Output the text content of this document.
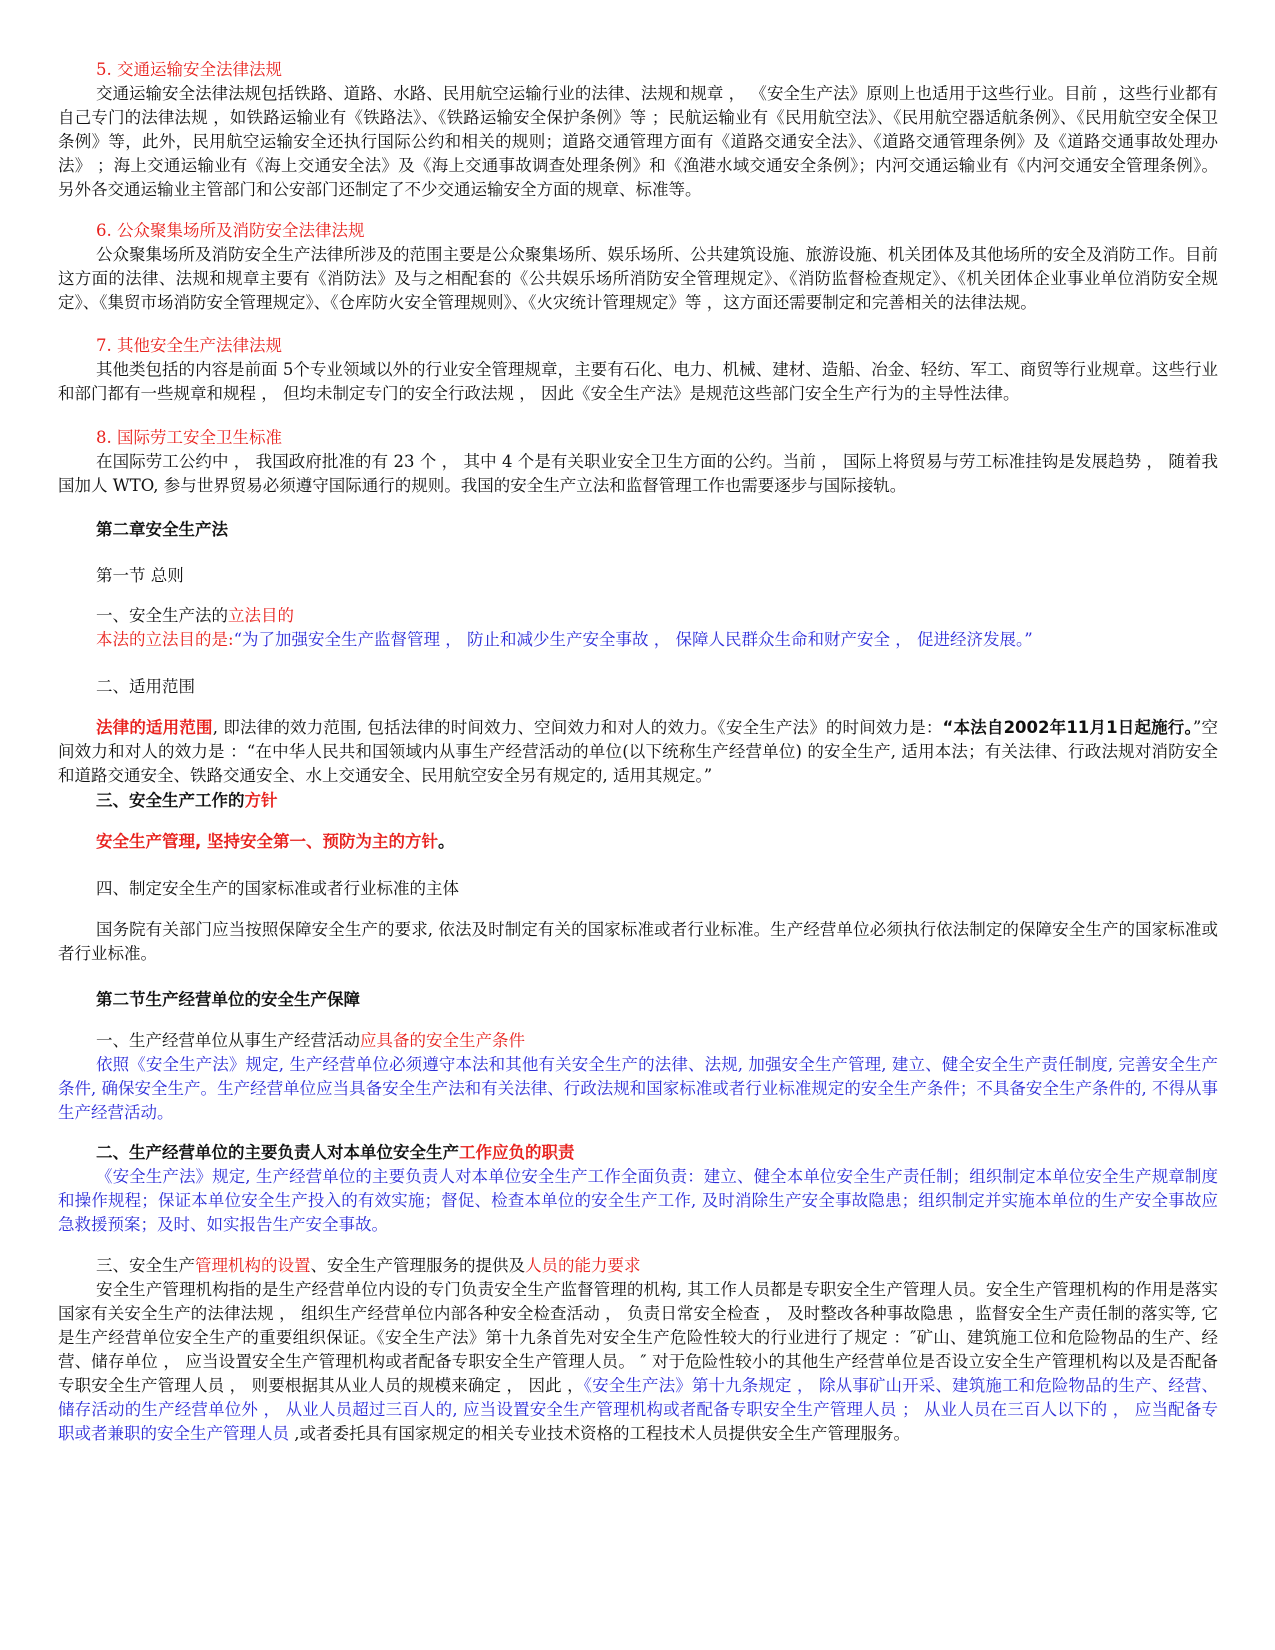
5. 交通运输安全法律法规
交通运输安全法律法规包括铁路、道路、水路、民用航空运输行业的法律、法规和规章 ， 《安全生产法》原则上也适用于这些行业。目前 ，这些行业都有自己专门的法律法规 ，如铁路运输业有《铁路法》、《铁路运输安全保护条例》等 ；民航运输业有《民用航空法》、《民用航空器适航条例》、《民用航空安全保卫条例》等，此外，民用航空运输安全还执行国际公约和相关的规则；道路交通管理方面有《道路交通安全法》、《道路交通管理条例》及《道路交通事故处理办法》 ；海上交通运输业有《海上交通安全法》及《海上交通事故调查处理条例》和《渔港水域交通安全条例》；内河交通运输业有《内河交通安全管理条例》。另外各交通运输业主管部门和公安部门还制定了不少交通运输安全方面的规章、标准等。
6. 公众聚集场所及消防安全法律法规
公众聚集场所及消防安全生产法律所涉及的范围主要是公众聚集场所、娱乐场所、公共建筑设施、旅游设施、机关团体及其他场所的安全及消防工作。目前这方面的法律、法规和规章主要有《消防法》及与之相配套的《公共娱乐场所消防安全管理规定》、《消防监督检查规定》、《机关团体企业事业单位消防安全规定》、《集贸市场消防安全管理规定》、《仓库防火安全管理规则》、《火灾统计管理规定》等 ，这方面还需要制定和完善相关的法律法规。
7. 其他安全生产法律法规
其他类包括的内容是前面 5个专业领域以外的行业安全管理规章，主要有石化、电力、机械、建材、造船、冶金、轻纺、军工、商贸等行业规章。这些行业和部门都有一些规章和规程 ， 但均未制定专门的安全行政法规 ， 因此《安全生产法》是规范这些部门安全生产行为的主导性法律。
8. 国际劳工安全卫生标准
在国际劳工公约中 ， 我国政府批准的有 23 个 ， 其中 4 个是有关职业安全卫生方面的公约。当前 ， 国际上将贸易与劳工标准挂钩是发展趋势 ， 随着我国加人 WTO, 参与世界贸易必须遵守国际通行的规则。我国的安全生产立法和监督管理工作也需要逐步与国际接轨。
第二章安全生产法
第一节 总则
一、安全生产法的立法目的
本法的立法目的是:“为了加强安全生产监督管理 ， 防止和减少生产安全事故 ， 保障人民群众生命和财产安全 ， 促进经济发展。”
二、适用范围
法律的适用范围, 即法律的效力范围, 包括法律的时间效力、空间效力和对人的效力。《安全生产法》的时间效力是：“本法自2002年11月1日起施行。”空间效力和对人的效力是 ：“在中华人民共和国领域内从事生产经营活动的单位(以下统称生产经营单位) 的安全生产, 适用本法；有关法律、行政法规对消防安全和道路交通安全、铁路交通安全、水上交通安全、民用航空安全另有规定的, 适用其规定。”
三、安全生产工作的方针
安全生产管理, 坚持安全第一、预防为主的方针。
四、制定安全生产的国家标准或者行业标准的主体
国务院有关部门应当按照保障安全生产的要求, 依法及时制定有关的国家标准或者行业标准。生产经营单位必须执行依法制定的保障安全生产的国家标准或者行业标准。
第二节生产经营单位的安全生产保障
一、生产经营单位从事生产经营活动应具备的安全生产条件
依照《安全生产法》规定, 生产经营单位必须遵守本法和其他有关安全生产的法律、法规, 加强安全生产管理, 建立、健全安全生产责任制度, 完善安全生产条件, 确保安全生产。生产经营单位应当具备安全生产法和有关法律、行政法规和国家标准或者行业标准规定的安全生产条件；不具备安全生产条件的, 不得从事生产经营活动。
二、生产经营单位的主要负责人对本单位安全生产工作应负的职责
《安全生产法》规定, 生产经营单位的主要负责人对本单位安全生产工作全面负责：建立、健全本单位安全生产责任制；组织制定本单位安全生产规章制度和操作规程；保证本单位安全生产投入的有效实施；督促、检查本单位的安全生产工作, 及时消除生产安全事故隐患；组织制定并实施本单位的生产安全事故应急救援预案；及时、如实报告生产安全事故。
三、安全生产管理机构的设置、安全生产管理服务的提供及人员的能力要求
安全生产管理机构指的是生产经营单位内设的专门负责安全生产监督管理的机构, 其工作人员都是专职安全生产管理人员。安全生产管理机构的作用是落实国家有关安全生产的法律法规 ， 组织生产经营单位内部各种安全检查活动 ， 负责日常安全检查 ， 及时整改各种事故隐患 ，监督安全生产责任制的落实等, 它是生产经营单位安全生产的重要组织保证。《安全生产法》第十九条首先对安全生产危险性较大的行业进行了规定 ：″矿山、建筑施工位和危险物品的生产、经营、储存单位 ， 应当设置安全生产管理机构或者配备专职安全生产管理人员。 ″ 对于危险性较小的其他生产经营单位是否设立安全生产管理机构以及是否配备专职安全生产管理人员 ， 则要根据其从业人员的规模来确定 ， 因此 ，《安全生产法》第十九条规定 ， 除从事矿山开采、建筑施工和危险物品的生产、经营、储存活动的生产经营单位外 ， 从业人员超过三百人的, 应当设置安全生产管理机构或者配备专职安全生产管理人员 ； 从业人员在三百人以下的 ， 应当配备专职或者兼职的安全生产管理人员 ,或者委托具有国家规定的相关专业技术资格的工程技术人员提供安全生产管理服务。
